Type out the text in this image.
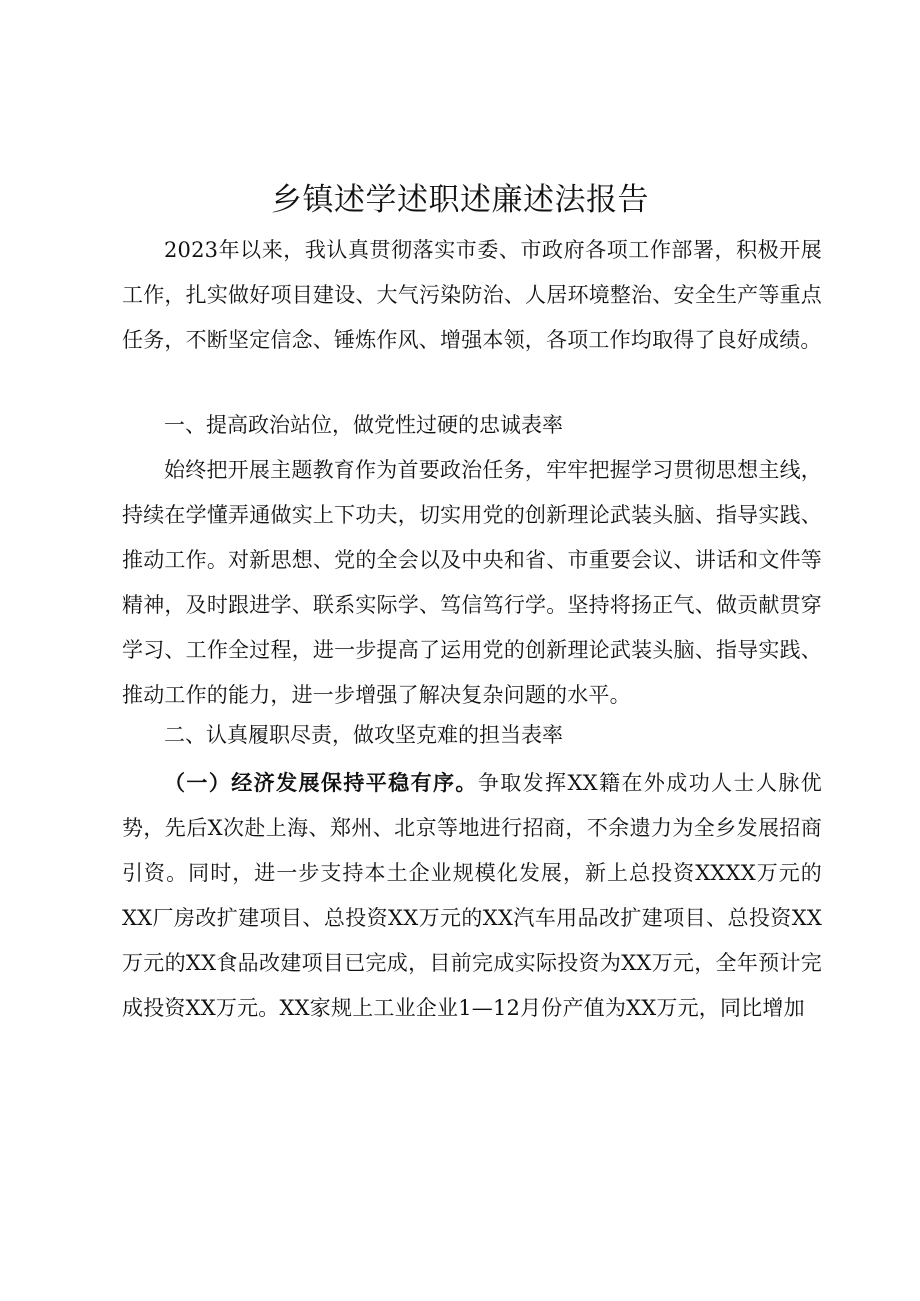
乡镇述学述职述廉述法报告

2023年以来，我认真贯彻落实市委、市政府各项工作部署，积极开展工作，扎实做好项目建设、大气污染防治、人居环境整治、安全生产等重点任务，不断坚定信念、锤炼作风、增强本领，各项工作均取得了良好成绩。

一、提高政治站位，做党性过硬的忠诚表率

始终把开展主题教育作为首要政治任务，牢牢把握学习贯彻思想主线，持续在学懂弄通做实上下功夫，切实用党的创新理论武装头脑、指导实践、推动工作。对新思想、党的全会以及中央和省、市重要会议、讲话和文件等精神，及时跟进学、联系实际学、笃信笃行学。坚持将扬正气、做贡献贯穿学习、工作全过程，进一步提高了运用党的创新理论武装头脑、指导实践、推动工作的能力，进一步增强了解决复杂问题的水平。

二、认真履职尽责，做攻坚克难的担当表率

（一）经济发展保持平稳有序。争取发挥XX籍在外成功人士人脉优势，先后X次赴上海、郑州、北京等地进行招商，不余遗力为全乡发展招商引资。同时，进一步支持本土企业规模化发展，新上总投资XXXX万元的XX厂房改扩建项目、总投资XX万元的XX汽车用品改扩建项目、总投资XX万元的XX食品改建项目已完成，目前完成实际投资为XX万元，全年预计完成投资XX万元。XX家规上工业企业1—12月份产值为XX万元，同比增加
